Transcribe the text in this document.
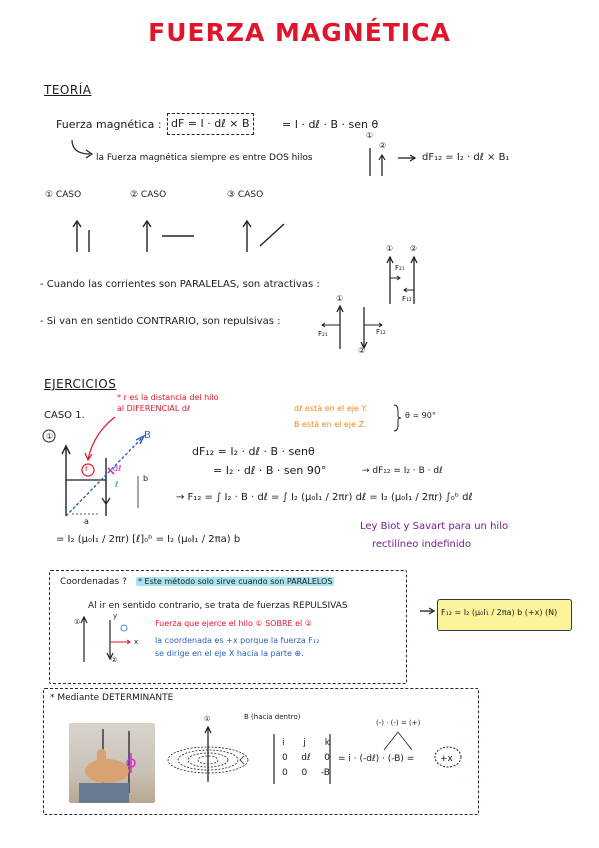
FUERZA MAGNÉTICA
TEORÍA
Fuerza magnética : dF = I · dℓ × B	= I · dℓ · B · sen θ
la Fuerza magnética siempre es entre DOS hilos
①
②
dF₁₂ = I₂ · dℓ × B₁
① CASO	② CASO	③ CASO
- Cuando las corrientes son PARALELAS, son atractivas :
① ②
F₂₁
F₁₂
- Si van en sentido CONTRARIO, son repulsivas :
①
F₂₁	F₁₂
②
EJERCICIOS
CASO 1.
* r es la distancia del hilo al DIFERENCIAL dℓ	dℓ está en el eje Y.
B está en el eje Z.
θ = 90°
①	B
r	dℓ
ℓ
b
a
dF₁₂ = I₂ · dℓ · B · senθ
= I₂ · dℓ · B · sen 90°	→ dF₁₂ = I₂ · B · dℓ
→ F₁₂ = ∫ I₂ · B · dℓ = ∫ I₂ (μ₀I₁ / 2πr) dℓ = I₂ (μ₀I₁ / 2πr) ∫₀ᵇ dℓ
= I₂ (μ₀I₁ / 2πr) [ℓ]₀ᵇ = I₂ (μ₀I₁ / 2πa) b
Ley Biot y Savart para un hilo
rectilíneo indefinido
Coordenadas ? * Este método solo sirve cuando son PARALELOS
Al ir en sentido contrario, se trata de fuerzas REPULSIVAS
①
②
y
x
Fuerza que ejerce el hilo ① SOBRE el ②
la coordenada es +x porque la fuerza F₁₂
se dirige en el eje X hacia la parte ⊕.
F₁₂ = I₂ (μ₀I₁ / 2πa) b (+x) (N)
* Mediante DETERMINANTE
①	B (hacia dentro)
i j k
0 dℓ 0
0 0 -B
(-) · (-) = (+)
= i · (-dℓ) · (-B) =	+x
